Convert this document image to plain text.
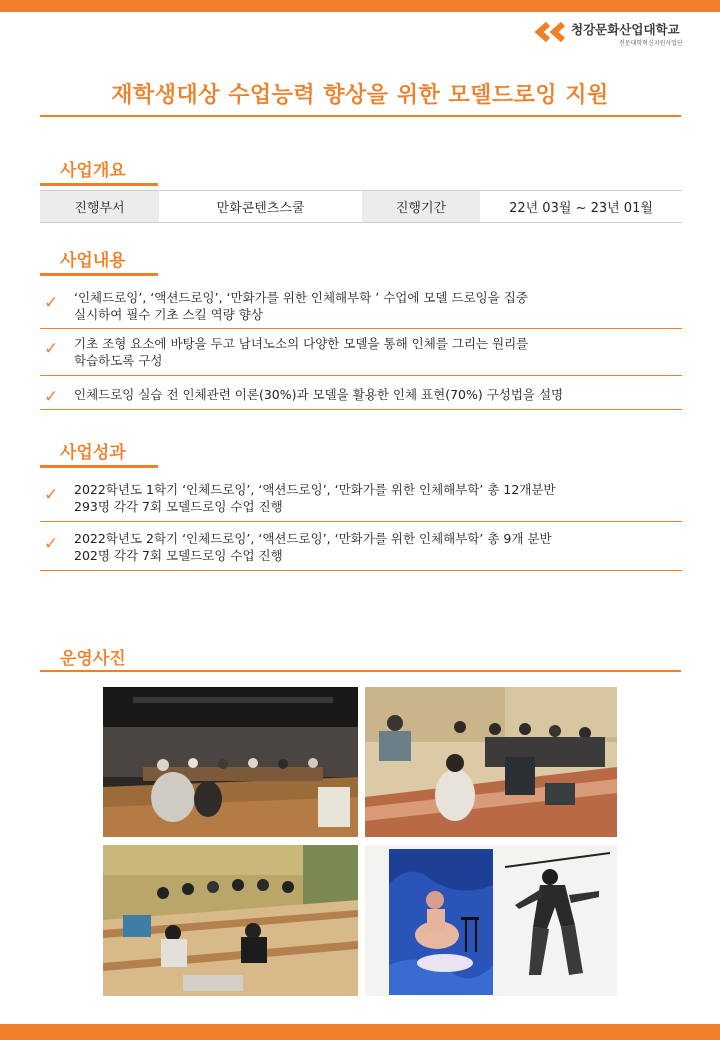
청강문화산업대학교
전문대학혁신지원사업단
재학생대상 수업능력 향상을 위한 모델드로잉 지원
사업개요
진행부서	만화콘텐츠스쿨	진행기간	22년 03월 ~ 23년 01월
사업내용
✓ ‘인체드로잉’, ‘액션드로잉’, ‘만화가를 위한 인체해부학 ’ 수업에 모델 드로잉을 집중
실시하여 필수 기초 스킬 역량 향상
✓ 기초 조형 요소에 바탕을 두고 남녀노소의 다양한 모델을 통해 인체를 그리는 원리를
학습하도록 구성
✓ 인체드로잉 실습 전 인체관련 이론(30%)과 모델을 활용한 인체 표현(70%) 구성법을 설명
사업성과
✓ 2022학년도 1학기 ‘인체드로잉’, ‘액션드로잉’, ‘만화가를 위한 인체해부학’ 총 12개분반
293명 각각 7회 모델드로잉 수업 진행
✓ 2022학년도 2학기 ‘인체드로잉’, ‘액션드로잉’, ‘만화가를 위한 인체해부학’ 총 9개 분반
202명 각각 7회 모델드로잉 수업 진행
운영사진
